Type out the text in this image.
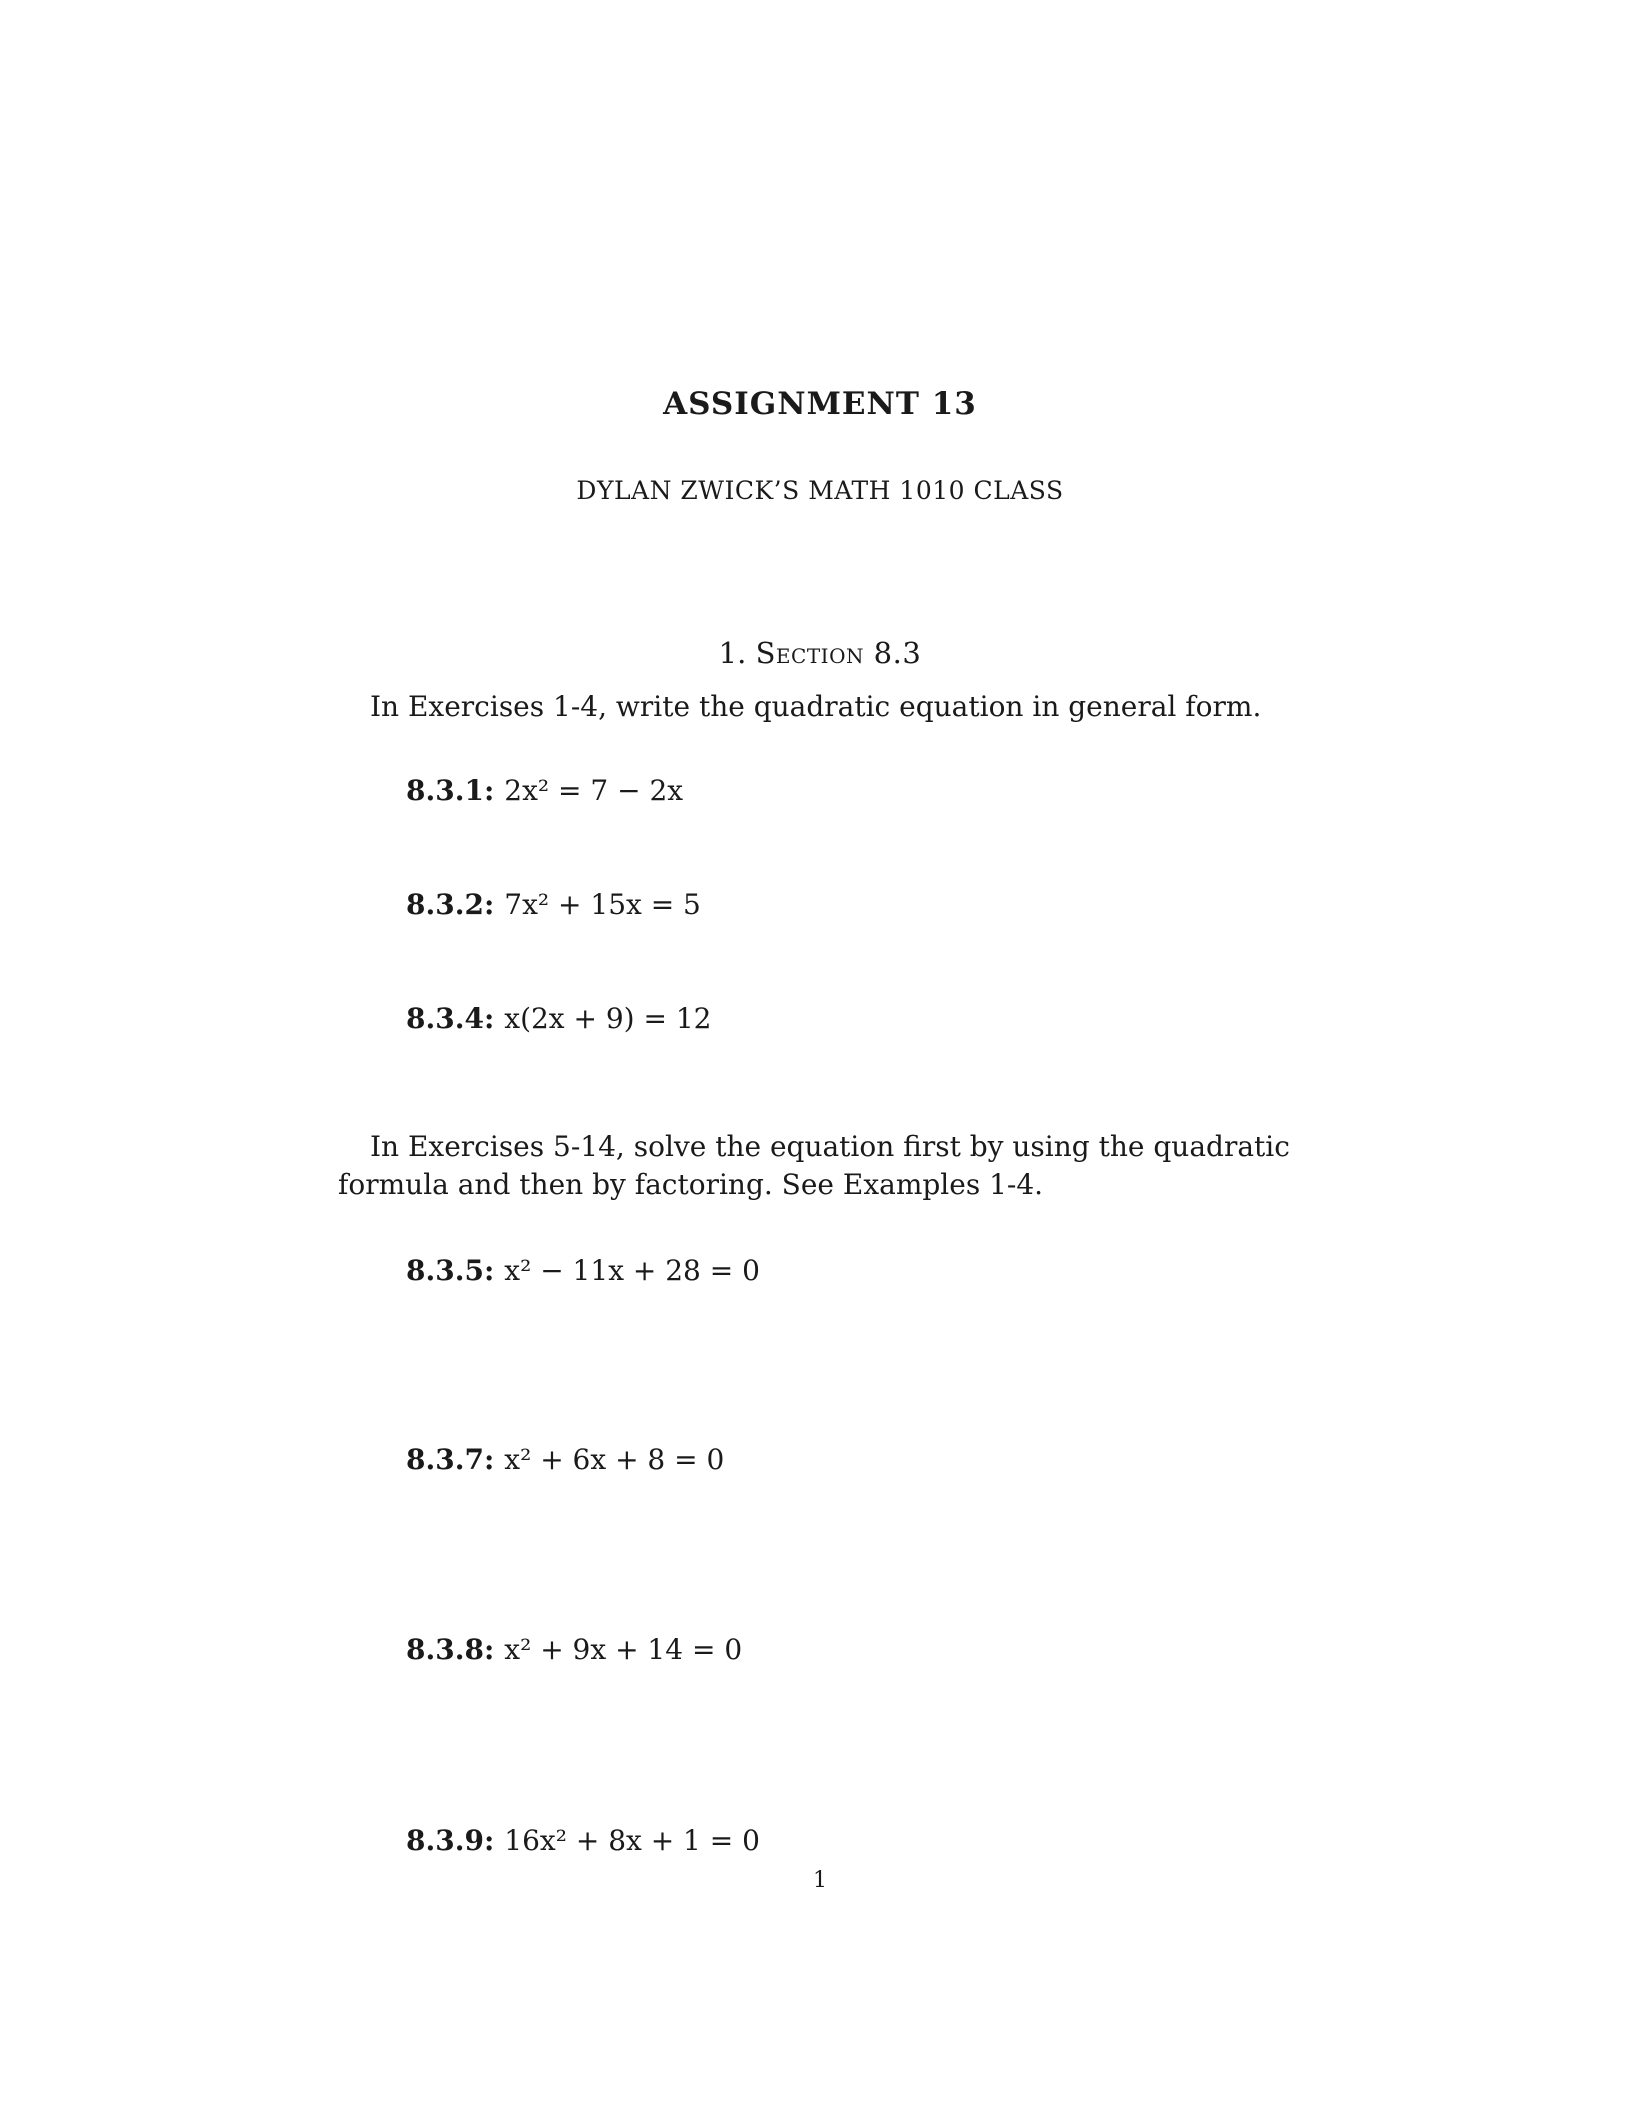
ASSIGNMENT 13
DYLAN ZWICK’S MATH 1010 CLASS
1. Section 8.3
In Exercises 1-4, write the quadratic equation in general form.
8.3.1: 2x² = 7 − 2x
8.3.2: 7x² + 15x = 5
8.3.4: x(2x + 9) = 12
In Exercises 5-14, solve the equation first by using the quadratic formula and then by factoring. See Examples 1-4.
8.3.5: x² − 11x + 28 = 0
8.3.7: x² + 6x + 8 = 0
8.3.8: x² + 9x + 14 = 0
8.3.9: 16x² + 8x + 1 = 0
1
